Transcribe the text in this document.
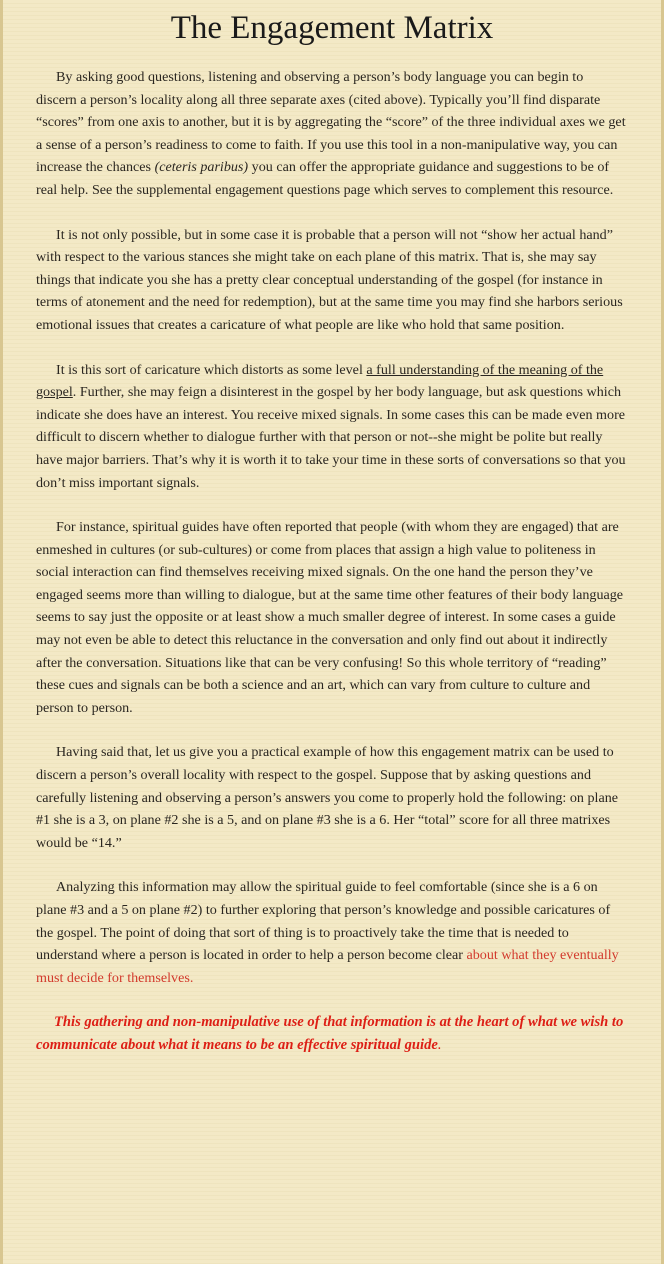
The Engagement Matrix

By asking good questions, listening and observing a person’s body language you can begin to discern a person’s locality along all three separate axes (cited above). Typically you’ll find disparate “scores” from one axis to another, but it is by aggregating the “score” of the three individual axes we get a sense of a person’s readiness to come to faith. If you use this tool in a non-manipulative way, you can increase the chances (ceteris paribus) you can offer the appropriate guidance and suggestions to be of real help. See the supplemental engagement questions page which serves to complement this resource.

It is not only possible, but in some case it is probable that a person will not “show her actual hand” with respect to the various stances she might take on each plane of this matrix. That is, she may say things that indicate you she has a pretty clear conceptual understanding of the gospel (for instance in terms of atonement and the need for redemption), but at the same time you may find she harbors serious emotional issues that creates a caricature of what people are like who hold that same position.

It is this sort of caricature which distorts as some level a full understanding of the meaning of the gospel. Further, she may feign a disinterest in the gospel by her body language, but ask questions which indicate she does have an interest. You receive mixed signals. In some cases this can be made even more difficult to discern whether to dialogue further with that person or not--she might be polite but really have major barriers. That’s why it is worth it to take your time in these sorts of conversations so that you don’t miss important signals.

For instance, spiritual guides have often reported that people (with whom they are engaged) that are enmeshed in cultures (or sub-cultures) or come from places that assign a high value to politeness in social interaction can find themselves receiving mixed signals. On the one hand the person they’ve engaged seems more than willing to dialogue, but at the same time other features of their body language seems to say just the opposite or at least show a much smaller degree of interest. In some cases a guide may not even be able to detect this reluctance in the conversation and only find out about it indirectly after the conversation. Situations like that can be very confusing! So this whole territory of “reading” these cues and signals can be both a science and an art, which can vary from culture to culture and person to person.

Having said that, let us give you a practical example of how this engagement matrix can be used to discern a person’s overall locality with respect to the gospel. Suppose that by asking questions and carefully listening and observing a person’s answers you come to properly hold the following: on plane #1 she is a 3, on plane #2 she is a 5, and on plane #3 she is a 6. Her “total” score for all three matrixes would be “14.”

Analyzing this information may allow the spiritual guide to feel comfortable (since she is a 6 on plane #3 and a 5 on plane #2) to further exploring that person’s knowledge and possible caricatures of the gospel. The point of doing that sort of thing is to proactively take the time that is needed to understand where a person is located in order to help a person become clear about what they eventually must decide for themselves.

This gathering and non-manipulative use of that information is at the heart of what we wish to communicate about what it means to be an effective spiritual guide.
